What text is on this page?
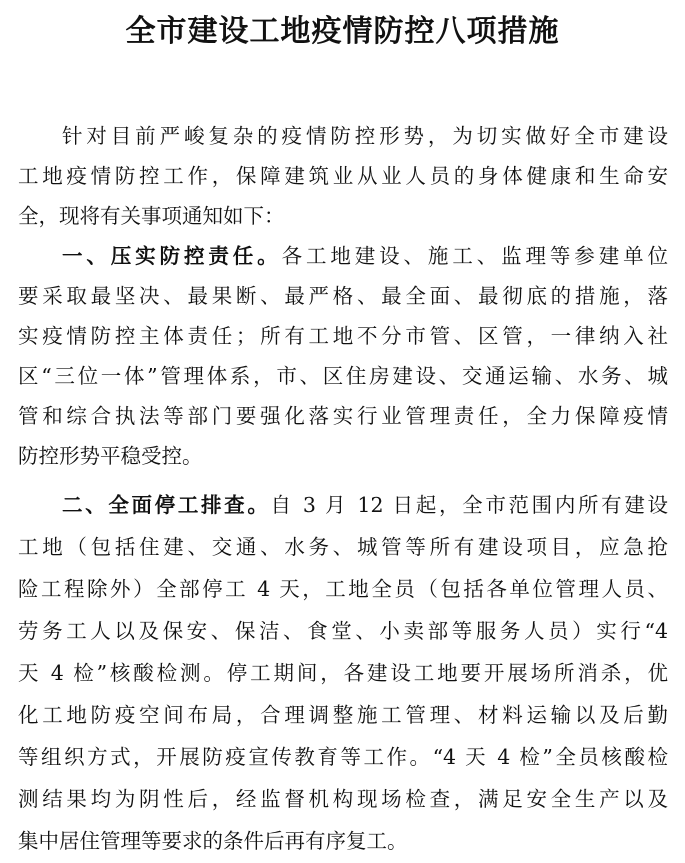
全市建设工地疫情防控八项措施
针对目前严峻复杂的疫情防控形势，为切实做好全市建设
工地疫情防控工作，保障建筑业从业人员的身体健康和生命安
全，现将有关事项通知如下：
一、压实防控责任。各工地建设、施工、监理等参建单位
要采取最坚决、最果断、最严格、最全面、最彻底的措施，落
实疫情防控主体责任；所有工地不分市管、区管，一律纳入社
区“三位一体”管理体系，市、区住房建设、交通运输、水务、城
管和综合执法等部门要强化落实行业管理责任，全力保障疫情
防控形势平稳受控。
二、全面停工排查。自 3 月 12 日起，全市范围内所有建设
工地（包括住建、交通、水务、城管等所有建设项目，应急抢
险工程除外）全部停工 4 天，工地全员（包括各单位管理人员、
劳务工人以及保安、保洁、食堂、小卖部等服务人员）实行“4
天 4 检”核酸检测。停工期间，各建设工地要开展场所消杀，优
化工地防疫空间布局，合理调整施工管理、材料运输以及后勤
等组织方式，开展防疫宣传教育等工作。“4 天 4 检”全员核酸检
测结果均为阴性后，经监督机构现场检查，满足安全生产以及
集中居住管理等要求的条件后再有序复工。
